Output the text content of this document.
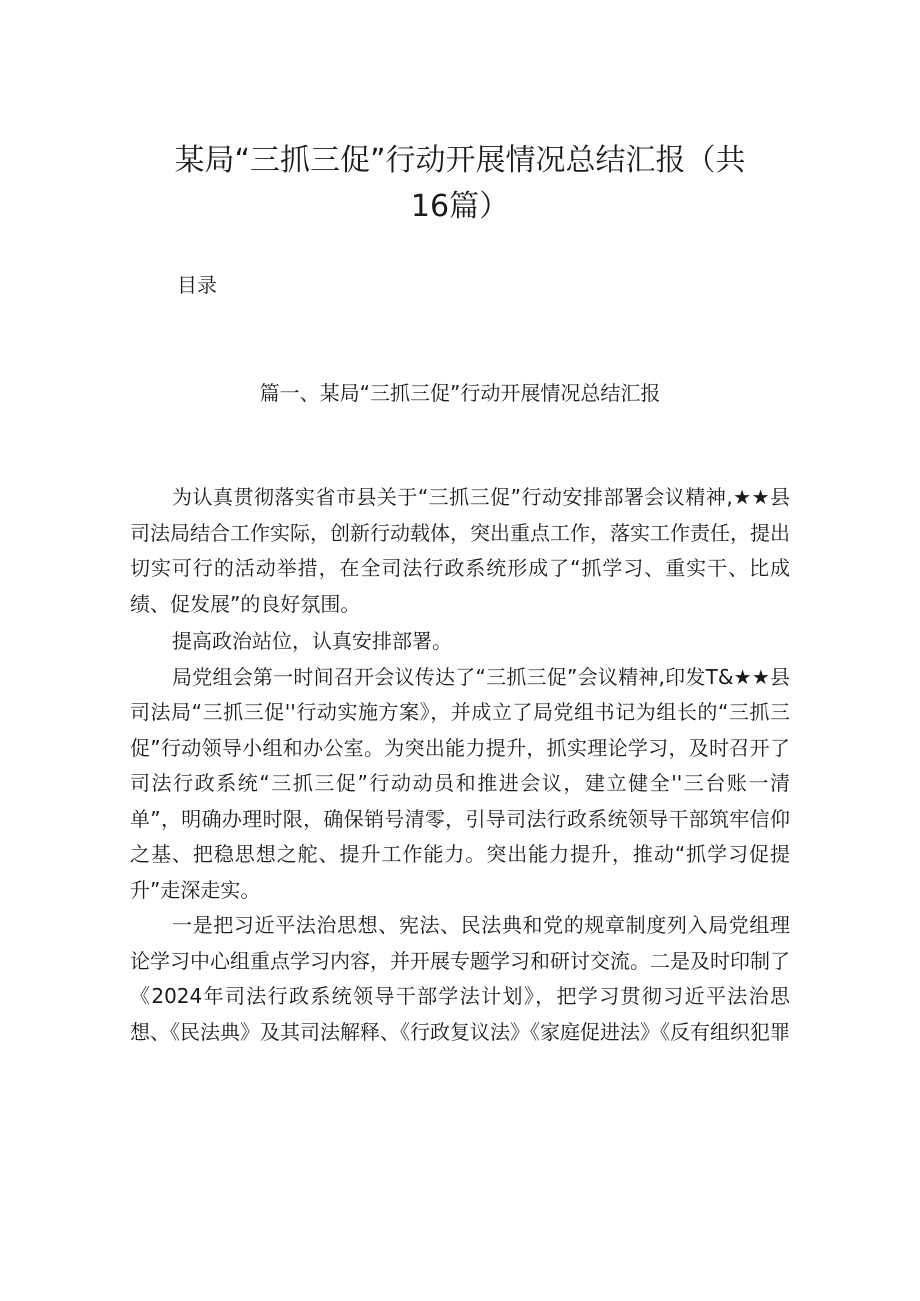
某局“三抓三促”行动开展情况总结汇报（共
16篇）

目录

篇一、某局“三抓三促”行动开展情况总结汇报

为认真贯彻落实省市县关于“三抓三促”行动安排部署会议精神,★★县司法局结合工作实际，创新行动载体，突出重点工作，落实工作责任，提出切实可行的活动举措，在全司法行政系统形成了“抓学习、重实干、比成绩、促发展”的良好氛围。

提高政治站位，认真安排部署。

局党组会第一时间召开会议传达了“三抓三促”会议精神,印发T&★★县司法局“三抓三促''行动实施方案》，并成立了局党组书记为组长的“三抓三促”行动领导小组和办公室。为突出能力提升，抓实理论学习，及时召开了司法行政系统“三抓三促”行动动员和推进会议，建立健全''三台账一清单”，明确办理时限，确保销号清零，引导司法行政系统领导干部筑牢信仰之基、把稳思想之舵、提升工作能力。突出能力提升，推动“抓学习促提升”走深走实。

一是把习近平法治思想、宪法、民法典和党的规章制度列入局党组理论学习中心组重点学习内容，并开展专题学习和研讨交流。二是及时印制了《2024年司法行政系统领导干部学法计划》，把学习贯彻习近平法治思想、《民法典》及其司法解释、《行政复议法》《家庭促进法》《反有组织犯罪
